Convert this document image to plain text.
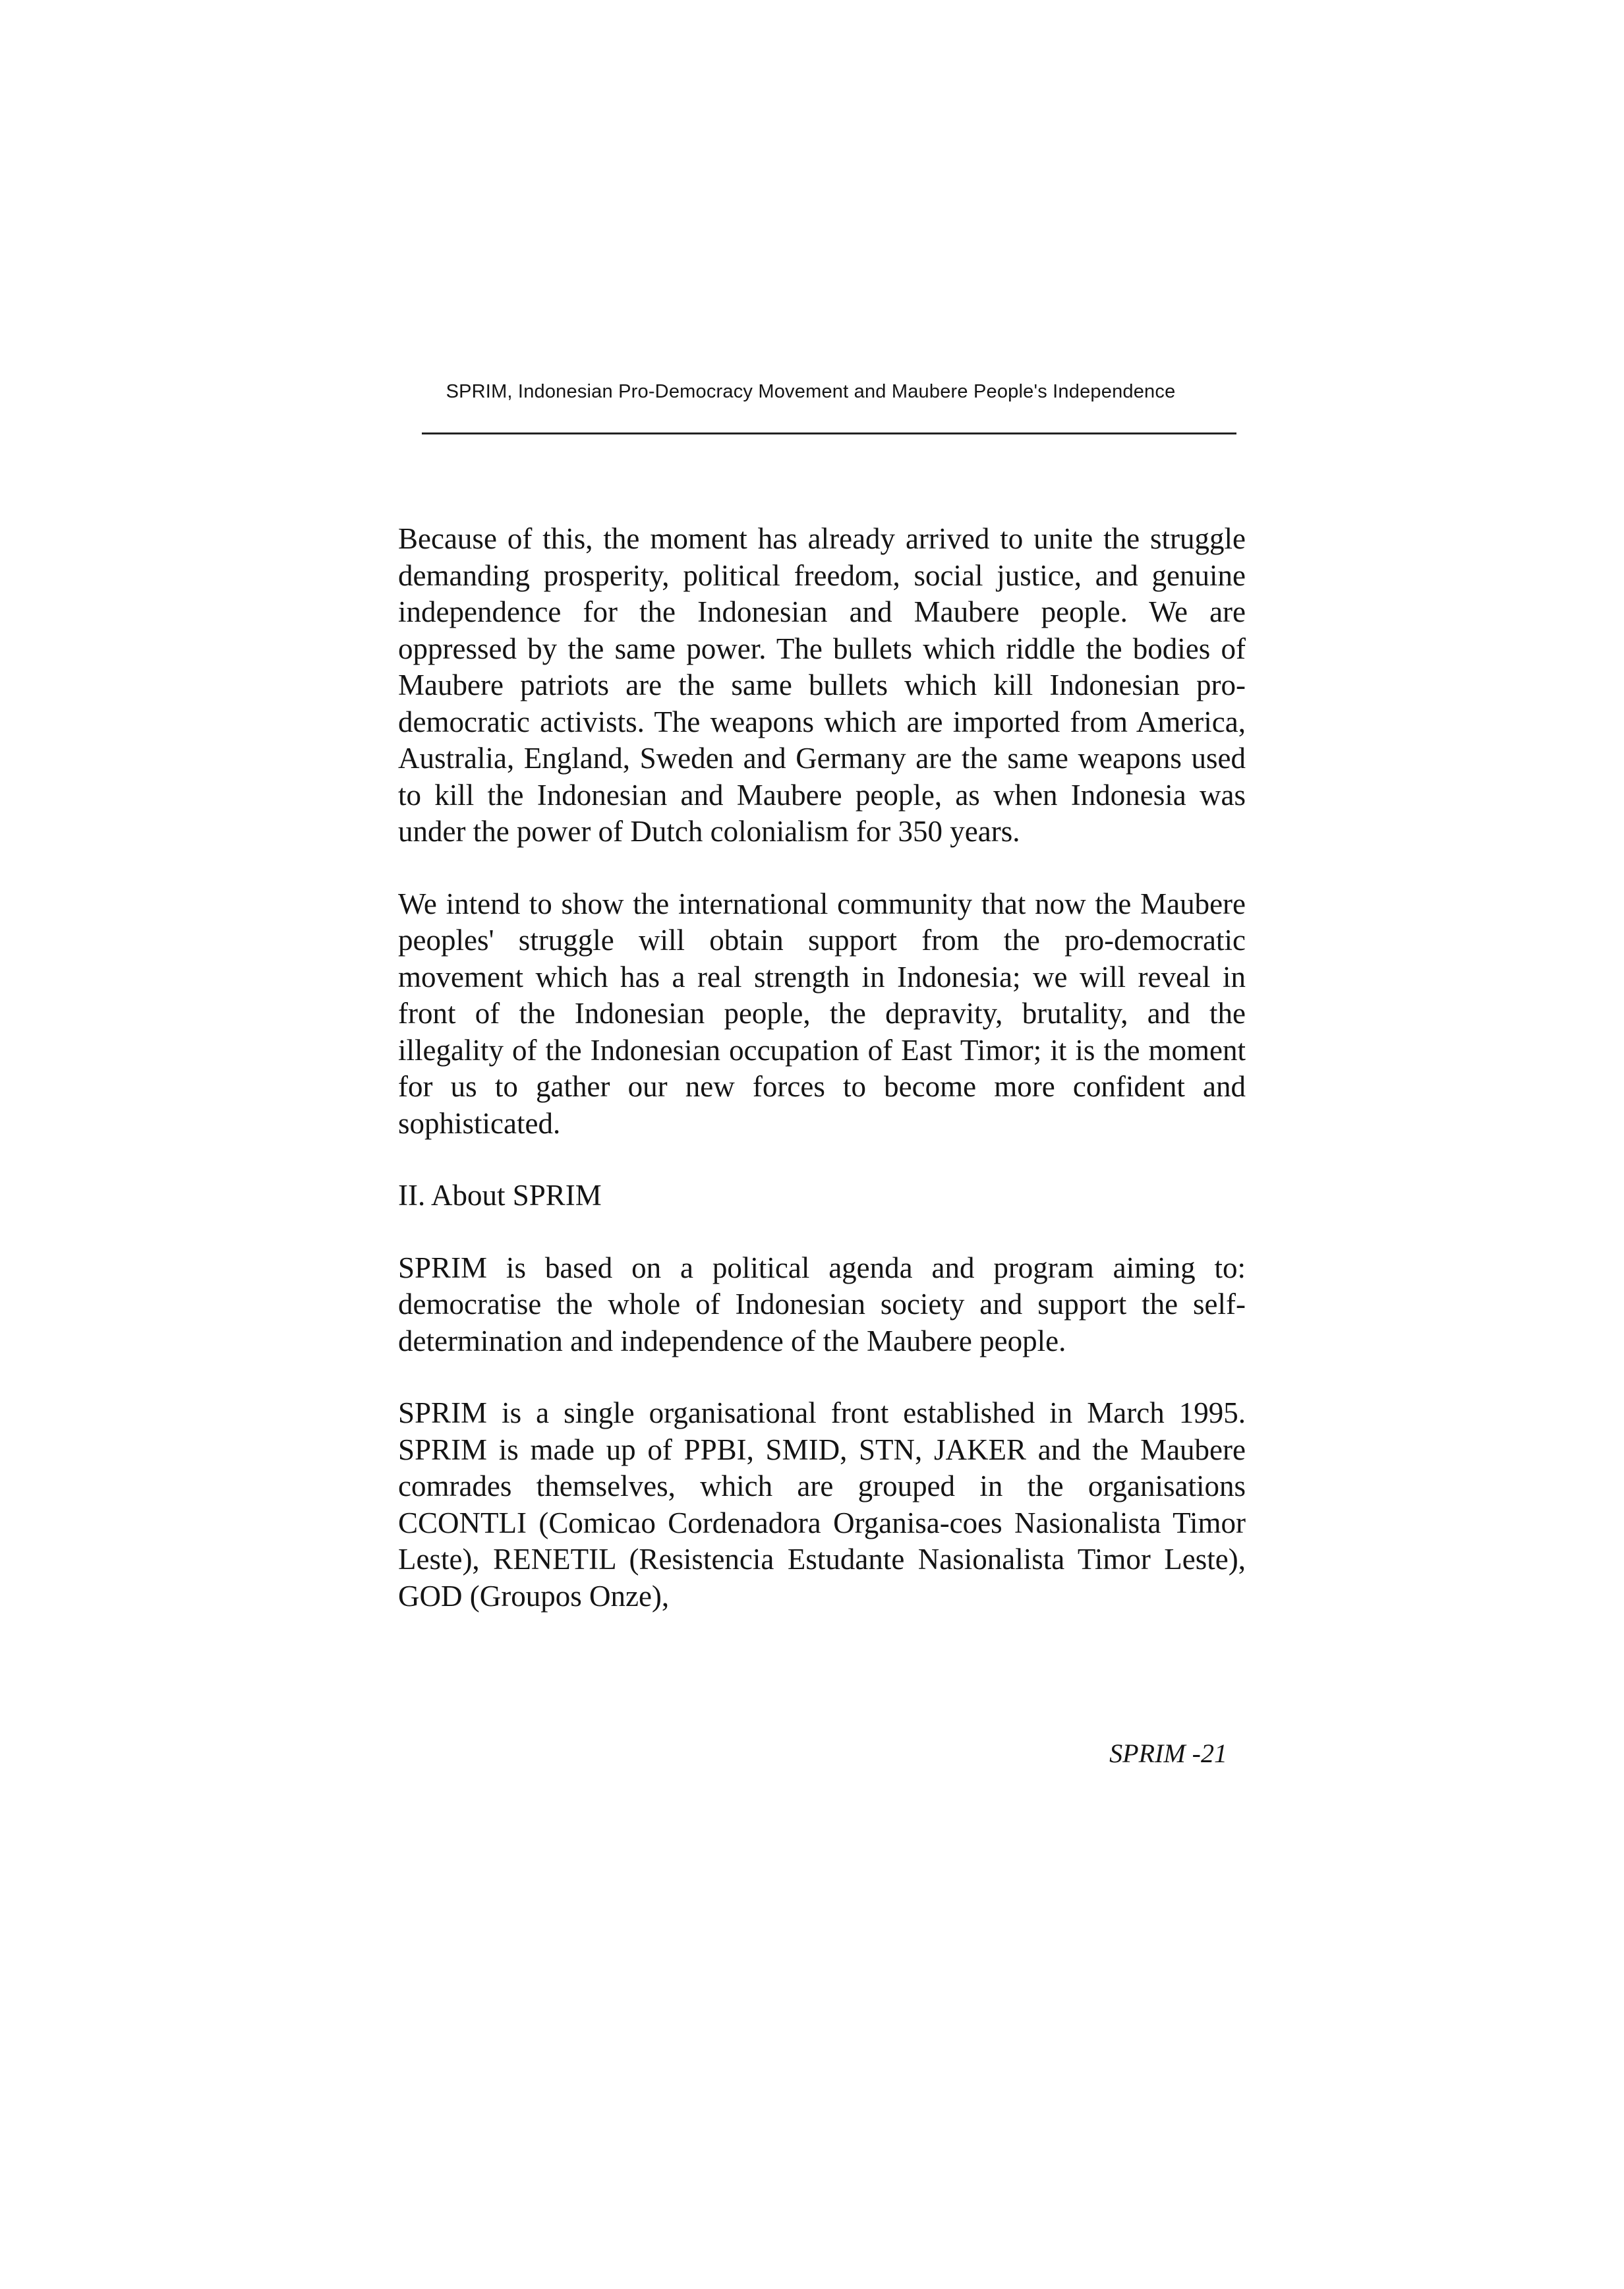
SPRIM, Indonesian Pro-Democracy Movement and Maubere People's Independence

Because of this, the moment has already arrived to unite the struggle demanding prosperity, political freedom, social justice, and genuine independence for the Indonesian and Maubere people. We are oppressed by the same power. The bullets which riddle the bodies of Maubere patriots are the same bullets which kill Indonesian pro-democratic activists. The weapons which are imported from America, Australia, England, Sweden and Germany are the same weapons used to kill the Indonesian and Maubere people, as when Indonesia was under the power of Dutch colonialism for 350 years.

We intend to show the international community that now the Maubere peoples' struggle will obtain support from the pro-democratic movement which has a real strength in Indonesia; we will reveal in front of the Indonesian people, the depravity, brutality, and the illegality of the Indonesian occupation of East Timor; it is the moment for us to gather our new forces to become more confident and sophisticated.

II. About SPRIM

SPRIM is based on a political agenda and program aiming to: democratise the whole of Indonesian society and support the self-determination and independence of the Maubere people.

SPRIM is a single organisational front established in March 1995. SPRIM is made up of PPBI, SMID, STN, JAKER and the Maubere comrades themselves, which are grouped in the organisations CCONTLI (Comicao Cordenadora Organisa-coes Nasionalista Timor Leste), RENETIL (Resistencia Estudante Nasionalista Timor Leste), GOD (Groupos Onze),

SPRIM -21
